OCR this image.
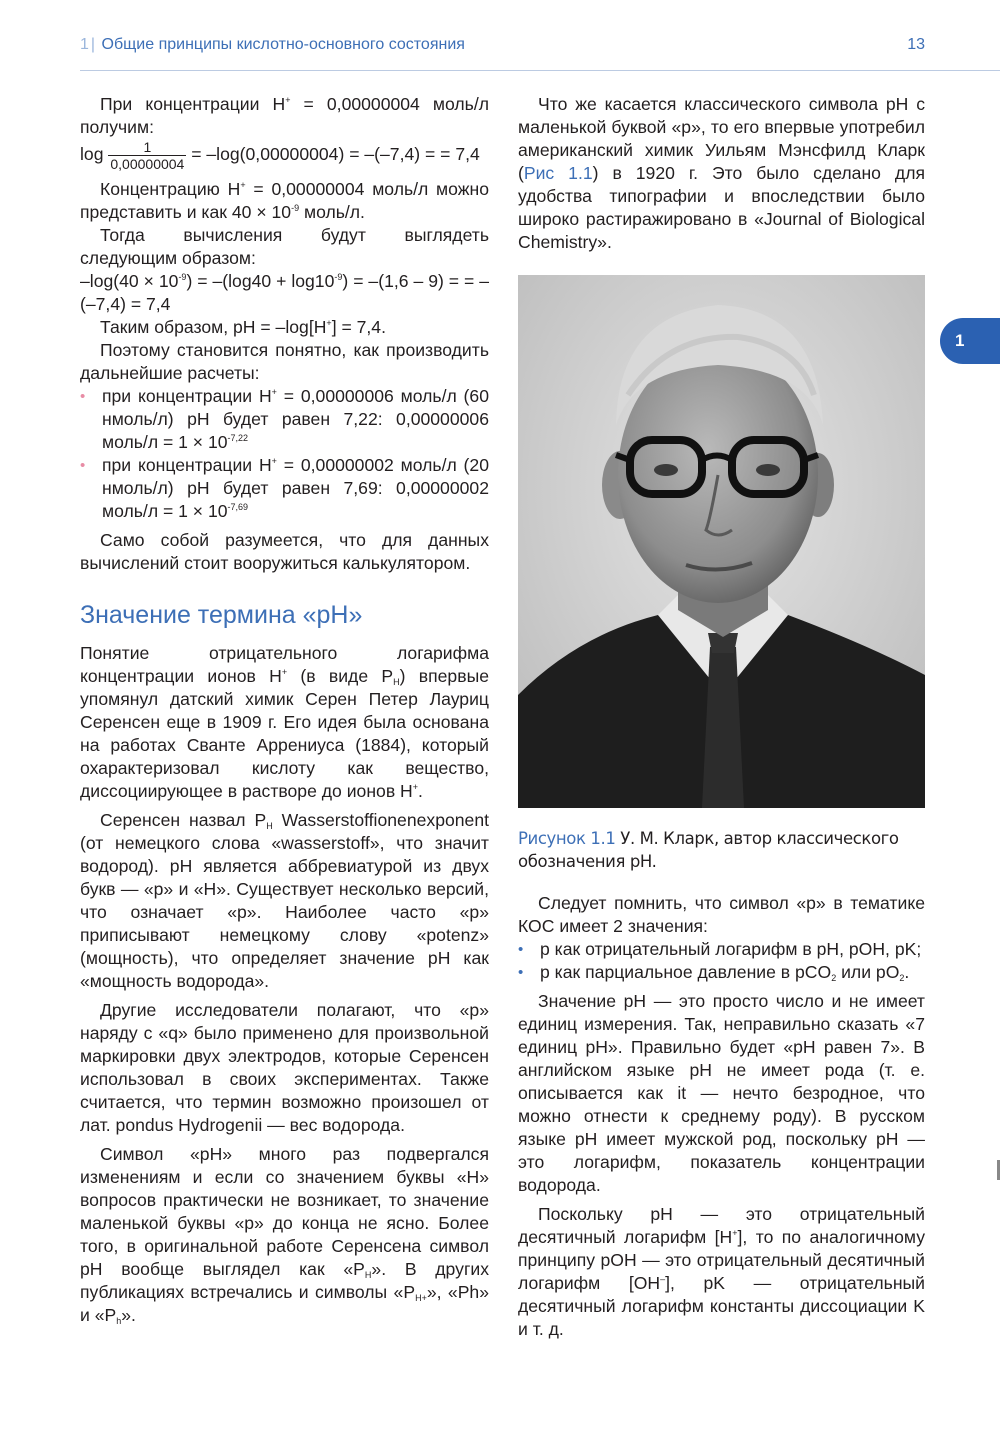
1 | Общие принципы кислотно-основного состояния	13
1

При концентрации H+ = 0,00000004 моль/л получим:

$\log \frac{1}{0,00000004} = -\log(0,00000004) = -(-7,4)$ = = 7,4

Концентрацию H+ = 0,00000004 моль/л можно представить и как $40 \times 10^{-9}$ моль/л.

Тогда вычисления будут выглядеть следующим образом:

$-\log(40 \times 10^{-9}) = -(\log 40 + \log 10^{-9}) = -(1,6 - 9)$ = = –(–7,4) = 7,4

Таким образом, pH = –log[H+] = 7,4.

Поэтому становится понятно, как производить дальнейшие расчеты:

• при концентрации H+ = 0,00000006 моль/л (60 нмоль/л) pH будет равен 7,22: 0,00000006 моль/л = $1 \times 10^{-7,22}$
• при концентрации H+ = 0,00000002 моль/л (20 нмоль/л) pH будет равен 7,69: 0,00000002 моль/л = $1 \times 10^{-7,69}$

Само собой разумеется, что для данных вычислений стоит вооружиться калькулятором.

Значение термина «pH»

Понятие отрицательного логарифма концентрации ионов H+ (в виде $P_H$) впервые упомянул датский химик Серен Петер Лауриц Серенсен еще в 1909 г. Его идея была основана на работах Сванте Аррениуса (1884), который охарактеризовал кислоту как вещество, диссоциирующее в растворе до ионов H+.

Серенсен назвал $P_H$ Wasserstoffionenexponent (от немецкого слова «wasserstoff», что значит водород). pH является аббревиатурой из двух букв — «p» и «H». Существует несколько версий, что означает «p». Наиболее часто «p» приписывают немецкому слову «potenz» (мощность), что определяет значение pH как «мощность водорода».

Другие исследователи полагают, что «p» наряду с «q» было применено для произвольной маркировки двух электродов, которые Серенсен использовал в своих экспериментах. Также считается, что термин возможно произошел от лат. pondus Hydrogenii — вес водорода.

Символ «pH» много раз подвергался изменениям и если со значением буквы «H» вопросов практически не возникает, то значение маленькой буквы «p» до конца не ясно. Более того, в оригинальной работе Серенсена символ pH вообще выглядел как «$P_H$». В других публикациях встречались и символы «$P_{H+}$», «Ph» и «$P_h$».

Что же касается классического символа pH с маленькой буквой «p», то его впервые употребил американский химик Уильям Мэнсфилд Кларк (Рис 1.1) в 1920 г. Это было сделано для удобства типографии и впоследствии было широко растиражировано в «Journal of Biological Chemistry».

Рисунок 1.1 У. М. Кларк, автор классического обозначения pH.

Следует помнить, что символ «p» в тематике КОС имеет 2 значения:

• p как отрицательный логарифм в pH, pOH, pK;
• p как парциальное давление в pCO$_2$ или $pO_2$.

Значение pH — это просто число и не имеет единиц измерения. Так, неправильно сказать «7 единиц pH». Правильно будет «pH равен 7». В английском языке pH не имеет рода (т. е. описывается как it — нечто безродное, что можно отнести к среднему роду). В русском языке pH имеет мужской род, поскольку pH — это логарифм, показатель концентрации водорода.

Поскольку pH — это отрицательный десятичный логарифм [H+], то по аналогичному принципу pOH — это отрицательный десятичный логарифм [OH–], pK — отрицательный десятичный логарифм константы диссоциации K и т. д.
